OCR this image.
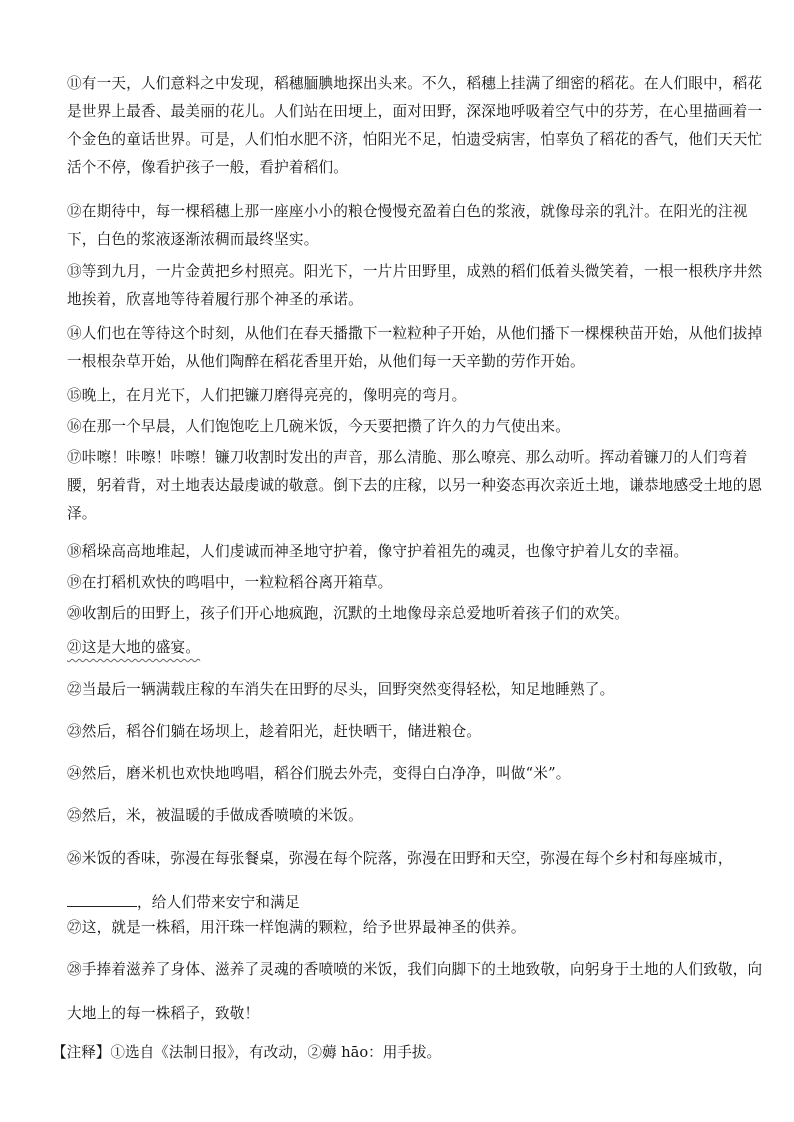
⑪有一天，人们意料之中发现，稻穗腼腆地探出头来。不久，稻穗上挂满了细密的稻花。在人们眼中，稻花是世界上最香、最美丽的花儿。人们站在田埂上，面对田野，深深地呼吸着空气中的芬芳，在心里描画着一个金色的童话世界。可是，人们怕水肥不济，怕阳光不足，怕遗受病害，怕辜负了稻花的香气，他们天天忙活个不停，像看护孩子一般，看护着稻们。

⑫在期待中，每一棵稻穗上那一座座小小的粮仓慢慢充盈着白色的浆液，就像母亲的乳汁。在阳光的注视下，白色的浆液逐渐浓稠而最终坚实。

⑬等到九月，一片金黄把乡村照亮。阳光下，一片片田野里，成熟的稻们低着头微笑着，一根一根秩序井然地挨着，欣喜地等待着履行那个神圣的承诺。

⑭人们也在等待这个时刻，从他们在春天播撒下一粒粒种子开始，从他们播下一棵棵秧苗开始，从他们拔掉一根根杂草开始，从他们陶醉在稻花香里开始，从他们每一天辛勤的劳作开始。

⑮晚上，在月光下，人们把镰刀磨得亮亮的，像明亮的弯月。

⑯在那一个早晨，人们饱饱吃上几碗米饭，今天要把攒了许久的力气使出来。

⑰咔嚓！咔嚓！咔嚓！镰刀收割时发出的声音，那么清脆、那么嘹亮、那么动听。挥动着镰刀的人们弯着腰，躬着背，对土地表达最虔诚的敬意。倒下去的庄稼，以另一种姿态再次亲近土地，谦恭地感受土地的恩泽。

⑱稻垛高高地堆起，人们虔诚而神圣地守护着，像守护着祖先的魂灵，也像守护着儿女的幸福。

⑲在打稻机欢快的鸣唱中，一粒粒稻谷离开箱草。

⑳收割后的田野上，孩子们开心地疯跑，沉默的土地像母亲总爱地听着孩子们的欢笑。

㉑这是大地的盛宴。

㉒当最后一辆满载庄稼的车消失在田野的尽头，回野突然变得轻松，知足地睡熟了。

㉓然后，稻谷们躺在场坝上，趁着阳光，赶快晒干，储进粮仓。

㉔然后，磨米机也欢快地鸣唱，稻谷们脱去外壳，变得白白净净，叫做“米”。

㉕然后，米，被温暖的手做成香喷喷的米饭。

㉖米饭的香味，弥漫在每张餐桌，弥漫在每个院落，弥漫在田野和天空，弥漫在每个乡村和每座城市，，给人们带来安宁和满足

㉗这，就是一株稻，用汗珠一样饱满的颗粒，给予世界最神圣的供养。

㉘手捧着滋养了身体、滋养了灵魂的香喷喷的米饭，我们向脚下的土地致敬，向躬身于土地的人们致敬，向大地上的每一株稻子，致敬！

【注释】①选自《法制日报》，有改动，②薅 hāo：用手拔。
